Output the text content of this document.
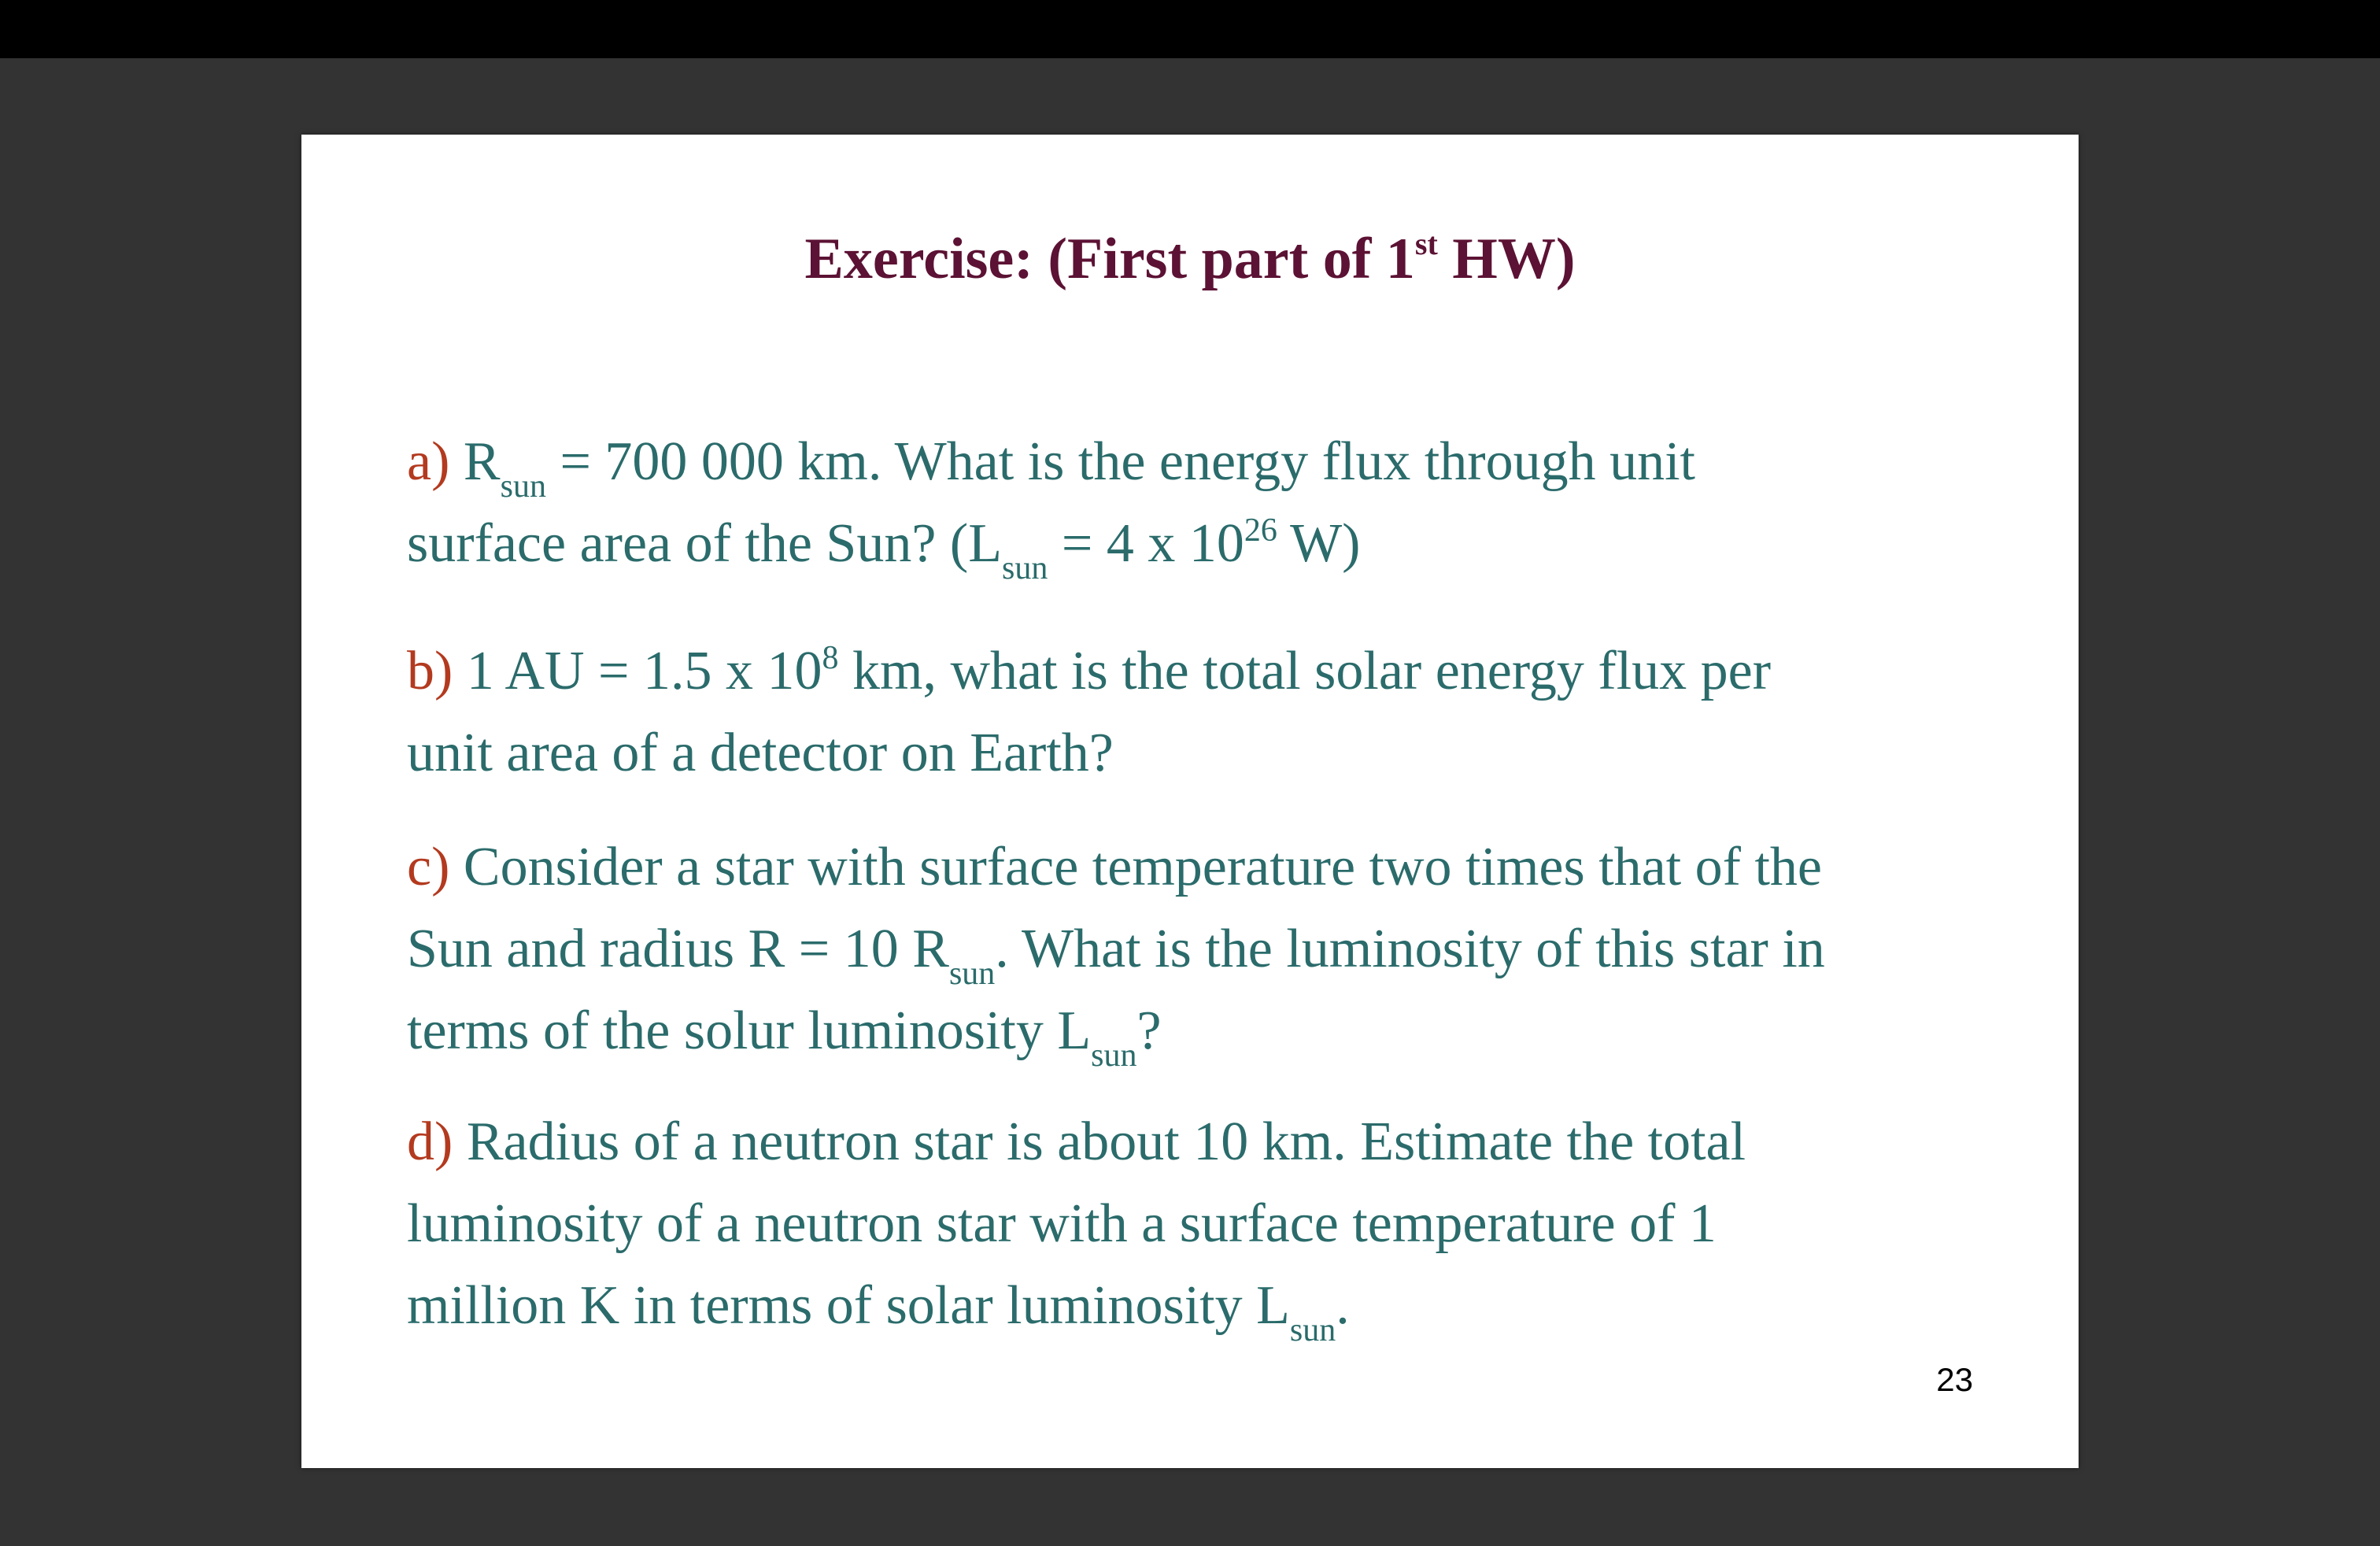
Exercise: (First part of 1st HW)
a) $R_{sun} = 700$ 000 km. What is the energy flux through unit
surface area of the Sun? ($L_{sun} = 4$ x $10^{26}$ W)
b) 1 AU = 1.5 x $10^8$ km, what is the total solar energy flux per
unit area of a detector on Earth?
c) Consider a star with surface temperature two times that of the
Sun and radius R = 10 $R_{sun}$. What is the luminosity of this star in
terms of the solur luminosity $L_{sun}$?
d) Radius of a neutron star is about 10 km. Estimate the total
luminosity of a neutron star with a surface temperature of 1
million K in terms of solar luminosity $L_{sun}$.
23
